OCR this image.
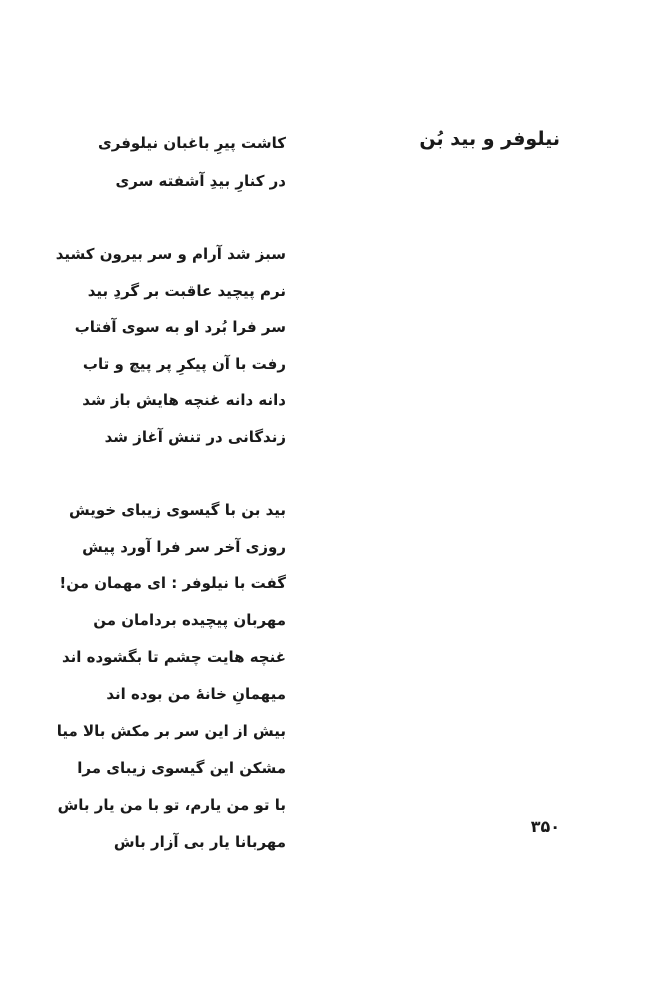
نیلوفر و بید بُن
کاشت پیرِ باغبان نیلوفری
در کنارِ بیدِ آشفته سری
سبز شد آرام و سر بیرون کشید
نرم پیچید عاقبت بر گردِ بید
سر فرا بُرد او به سوی آفتاب
رفت با آن پیکرِ پر پیچ و تاب
دانه دانه غنچه هایش باز شد
زندگانی در تنش آغاز شد
بید بن با گیسوی زیبای خویش
روزی آخر سر فرا آورد پیش
گفت با نیلوفر : ای مهمان من!
مهربان پیچیده بردامان من
غنچه هایت چشم تا بگشوده اند
میهمانِ خانهٔ من بوده اند
بیش از این سر بر مکش بالا میا
مشکن این گیسوی زیبای مرا
با تو من یارم، تو با من یار باش
مهربانا یار بی آزار باش

۳۵۰
